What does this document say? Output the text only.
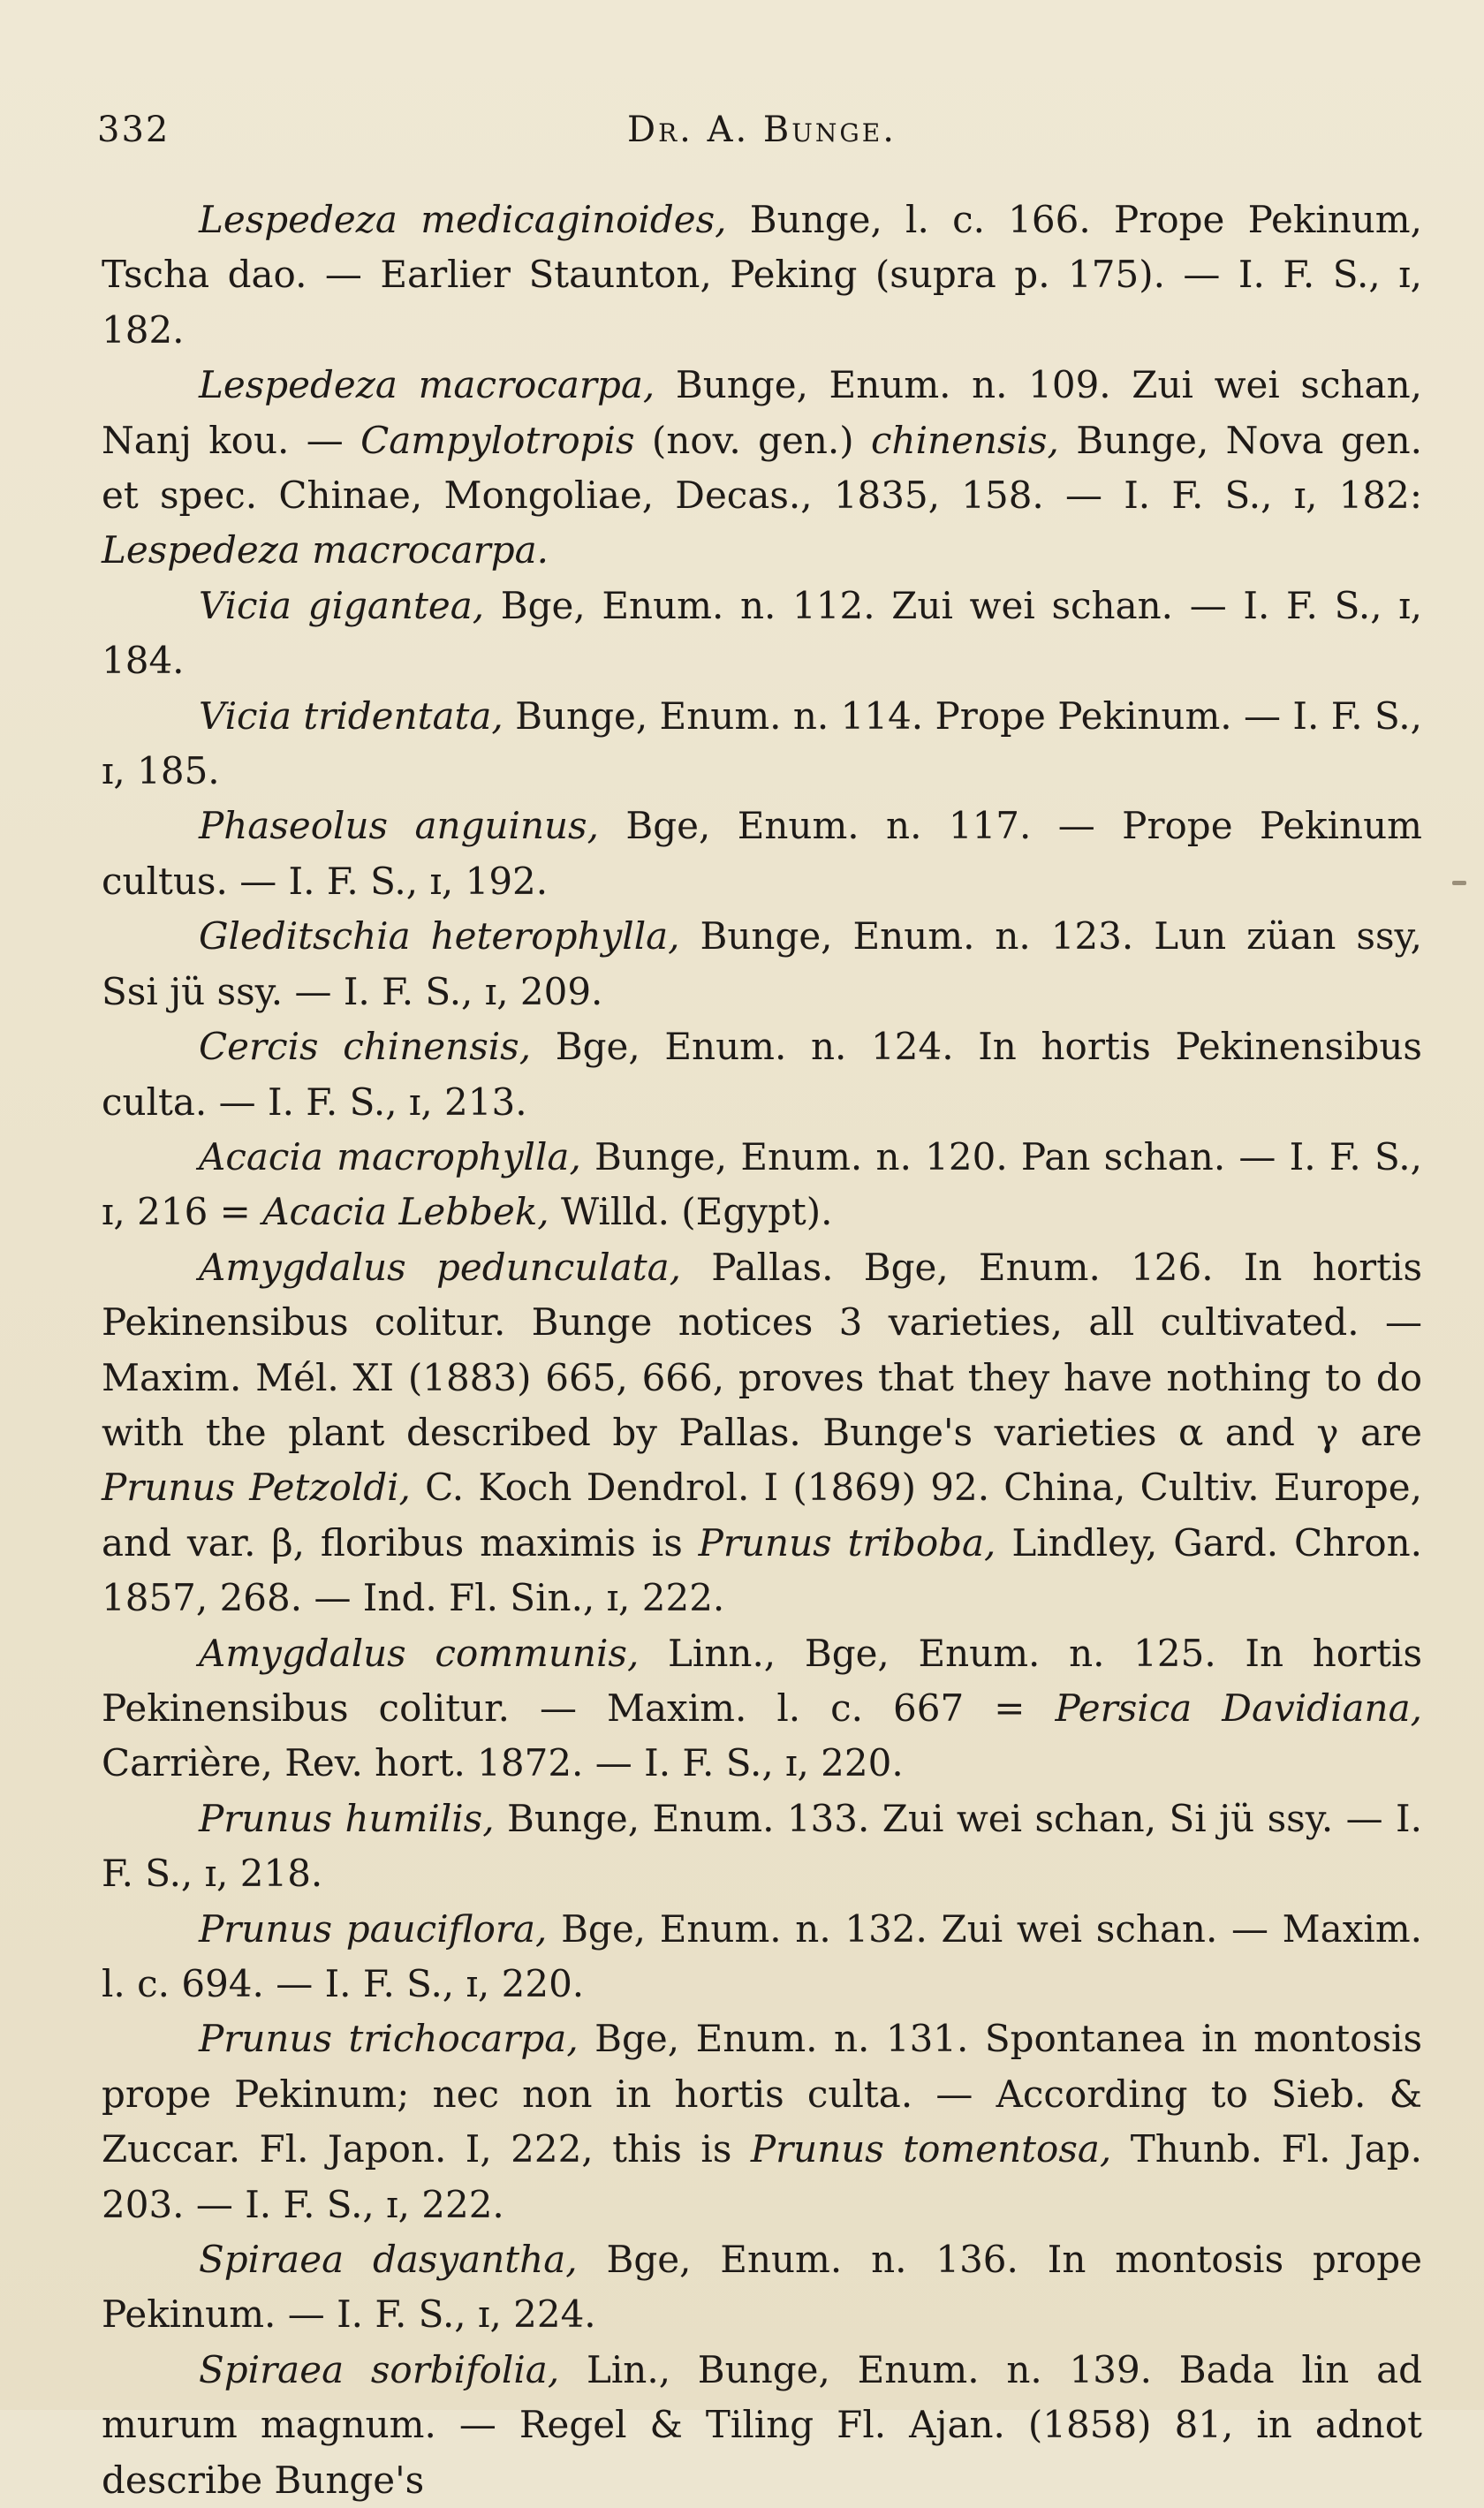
332	Dr. A. Bunge.

Lespedeza medicaginoides, Bunge, l. c. 166. Prope Pekinum, Tscha dao. — Earlier Staunton, Peking (supra p. 175). — I. F. S., ɪ, 182.

Lespedeza macrocarpa, Bunge, Enum. n. 109. Zui wei schan, Nanj kou. — Campylotropis (nov. gen.) chinensis, Bunge, Nova gen. et spec. Chinae, Mongoliae, Decas., 1835, 158. — I. F. S., ɪ, 182: Lespedeza macrocarpa.

Vicia gigantea, Bge, Enum. n. 112. Zui wei schan. — I. F. S., ɪ, 184.

Vicia tridentata, Bunge, Enum. n. 114. Prope Pekinum. — I. F. S., ɪ, 185.

Phaseolus anguinus, Bge, Enum. n. 117. — Prope Pekinum cultus. — I. F. S., ɪ, 192.

Gleditschia heterophylla, Bunge, Enum. n. 123. Lun züan ssy, Ssi jü ssy. — I. F. S., ɪ, 209.

Cercis chinensis, Bge, Enum. n. 124. In hortis Pekinensibus culta. — I. F. S., ɪ, 213.

Acacia macrophylla, Bunge, Enum. n. 120. Pan schan. — I. F. S., ɪ, 216 = Acacia Lebbek, Willd. (Egypt).

Amygdalus pedunculata, Pallas. Bge, Enum. 126. In hortis Pekinensibus colitur. Bunge notices 3 varieties, all cultivated. — Maxim. Mél. XI (1883) 665, 666, proves that they have nothing to do with the plant described by Pallas. Bunge's varieties α and γ are Prunus Petzoldi, C. Koch Dendrol. I (1869) 92. China, Cultiv. Europe, and var. β, floribus maximis is Prunus triboba, Lindley, Gard. Chron. 1857, 268. — Ind. Fl. Sin., ɪ, 222.

Amygdalus communis, Linn., Bge, Enum. n. 125. In hortis Pekinensibus colitur. — Maxim. l. c. 667 = Persica Davidiana, Carrière, Rev. hort. 1872. — I. F. S., ɪ, 220.

Prunus humilis, Bunge, Enum. 133. Zui wei schan, Si jü ssy. — I. F. S., ɪ, 218.

Prunus pauciflora, Bge, Enum. n. 132. Zui wei schan. — Maxim. l. c. 694. — I. F. S., ɪ, 220.

Prunus trichocarpa, Bge, Enum. n. 131. Spontanea in montosis prope Pekinum; nec non in hortis culta. — According to Sieb. & Zuccar. Fl. Japon. I, 222, this is Prunus tomentosa, Thunb. Fl. Jap. 203. — I. F. S., ɪ, 222.

Spiraea dasyantha, Bge, Enum. n. 136. In montosis prope Pekinum. — I. F. S., ɪ, 224.

Spiraea sorbifolia, Lin., Bunge, Enum. n. 139. Bada lin ad murum magnum. — Regel & Tiling Fl. Ajan. (1858) 81, in adnot describe Bunge's
